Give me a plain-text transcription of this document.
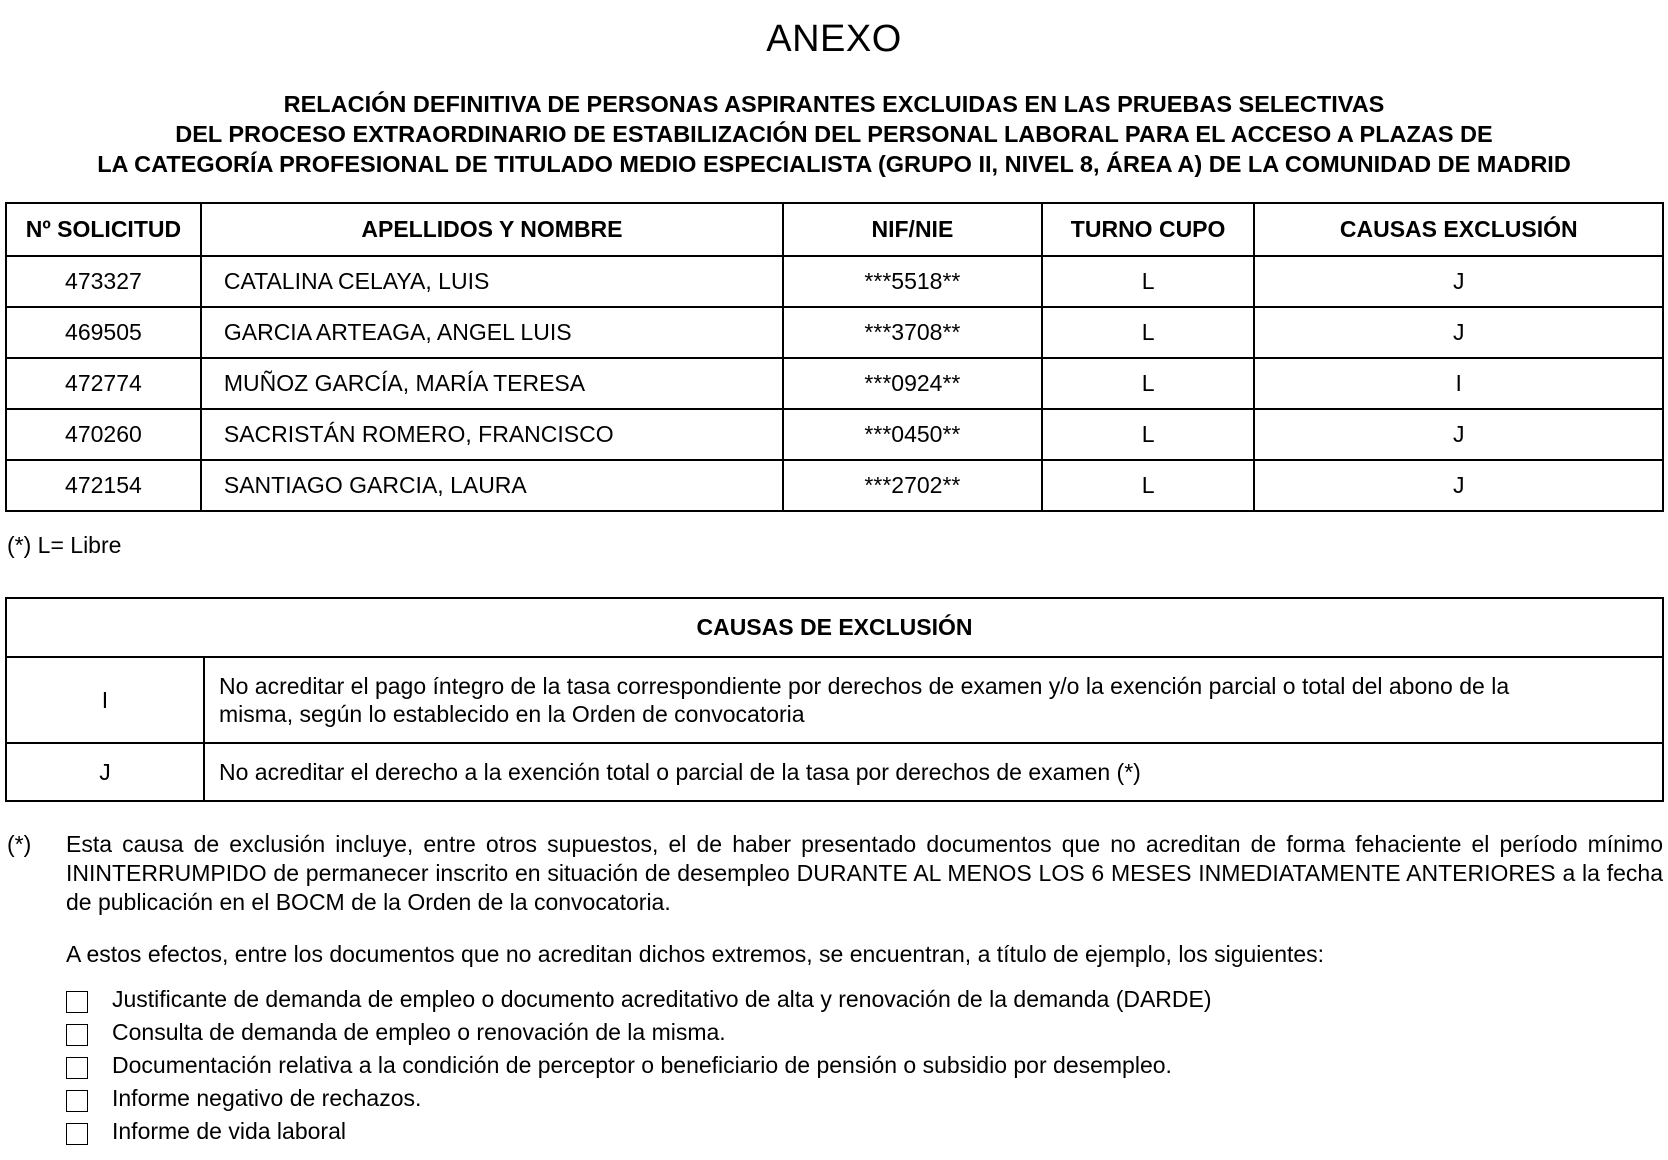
ANEXO
RELACIÓN DEFINITIVA DE PERSONAS ASPIRANTES EXCLUIDAS EN LAS PRUEBAS SELECTIVAS
DEL PROCESO EXTRAORDINARIO DE ESTABILIZACIÓN DEL PERSONAL LABORAL PARA EL ACCESO A PLAZAS DE
LA CATEGORÍA PROFESIONAL DE TITULADO MEDIO ESPECIALISTA (GRUPO II, NIVEL 8, ÁREA A) DE LA COMUNIDAD DE MADRID
Nº SOLICITUD	APELLIDOS Y NOMBRE	NIF/NIE	TURNO CUPO	CAUSAS EXCLUSIÓN
473327	CATALINA CELAYA, LUIS	***5518**	L	J
469505	GARCIA ARTEAGA, ANGEL LUIS	***3708**	L	J
472774	MUÑOZ GARCÍA, MARÍA TERESA	***0924**	L	I
470260	SACRISTÁN ROMERO, FRANCISCO	***0450**	L	J
472154	SANTIAGO GARCIA, LAURA	***2702**	L	J
(*) L= Libre
CAUSAS DE EXCLUSIÓN	
I	No acreditar el pago íntegro de la tasa correspondiente por derechos de examen y/o la exención parcial o total del abono de la misma, según lo establecido en la Orden de convocatoria
J	No acreditar el derecho a la exención total o parcial de la tasa por derechos de examen (*)
(*) Esta causa de exclusión incluye, entre otros supuestos, el de haber presentado documentos que no acreditan de forma fehaciente el período mínimo ININTERRUMPIDO de permanecer inscrito en situación de desempleo DURANTE AL MENOS LOS 6 MESES INMEDIATAMENTE ANTERIORES a la fecha de publicación en el BOCM de la Orden de la convocatoria.
A estos efectos, entre los documentos que no acreditan dichos extremos, se encuentran, a título de ejemplo, los siguientes:
Justificante de demanda de empleo o documento acreditativo de alta y renovación de la demanda (DARDE)
Consulta de demanda de empleo o renovación de la misma.
Documentación relativa a la condición de perceptor o beneficiario de pensión o subsidio por desempleo.
Informe negativo de rechazos.
Informe de vida laboral
